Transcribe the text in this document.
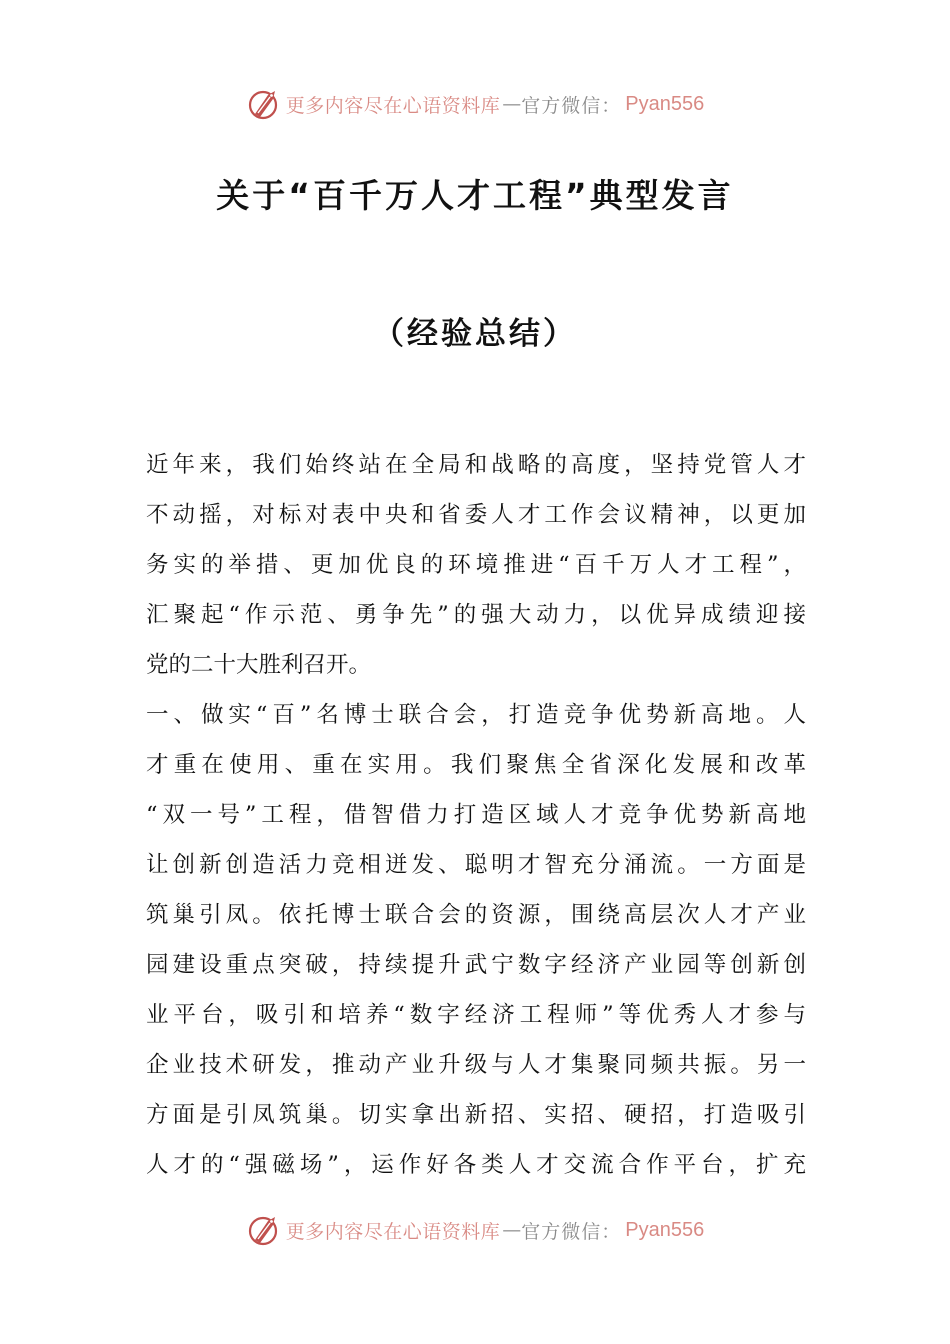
更多内容尽在心语资料库 — 官方微信： Pyan556
关于“百千万人才工程”典型发言
（经验总结）
近年来，我们始终站在全局和战略的高度，坚持党管人才
不动摇，对标对表中央和省委人才工作会议精神，以更加
务实的举措、更加优良的环境推进“百千万人才工程”，
汇聚起“作示范、勇争先”的强大动力，以优异成绩迎接
党的二十大胜利召开。
一、做实“百”名博士联合会，打造竞争优势新高地。人
才重在使用、重在实用。我们聚焦全省深化发展和改革
“双一号”工程，借智借力打造区域人才竞争优势新高地
让创新创造活力竞相迸发、聪明才智充分涌流。一方面是
筑巢引凤。依托博士联合会的资源，围绕高层次人才产业
园建设重点突破，持续提升武宁数字经济产业园等创新创
业平台，吸引和培养“数字经济工程师”等优秀人才参与
企业技术研发，推动产业升级与人才集聚同频共振。另一
方面是引凤筑巢。切实拿出新招、实招、硬招，打造吸引
人才的“强磁场”，运作好各类人才交流合作平台，扩充
更多内容尽在心语资料库 — 官方微信： Pyan556
